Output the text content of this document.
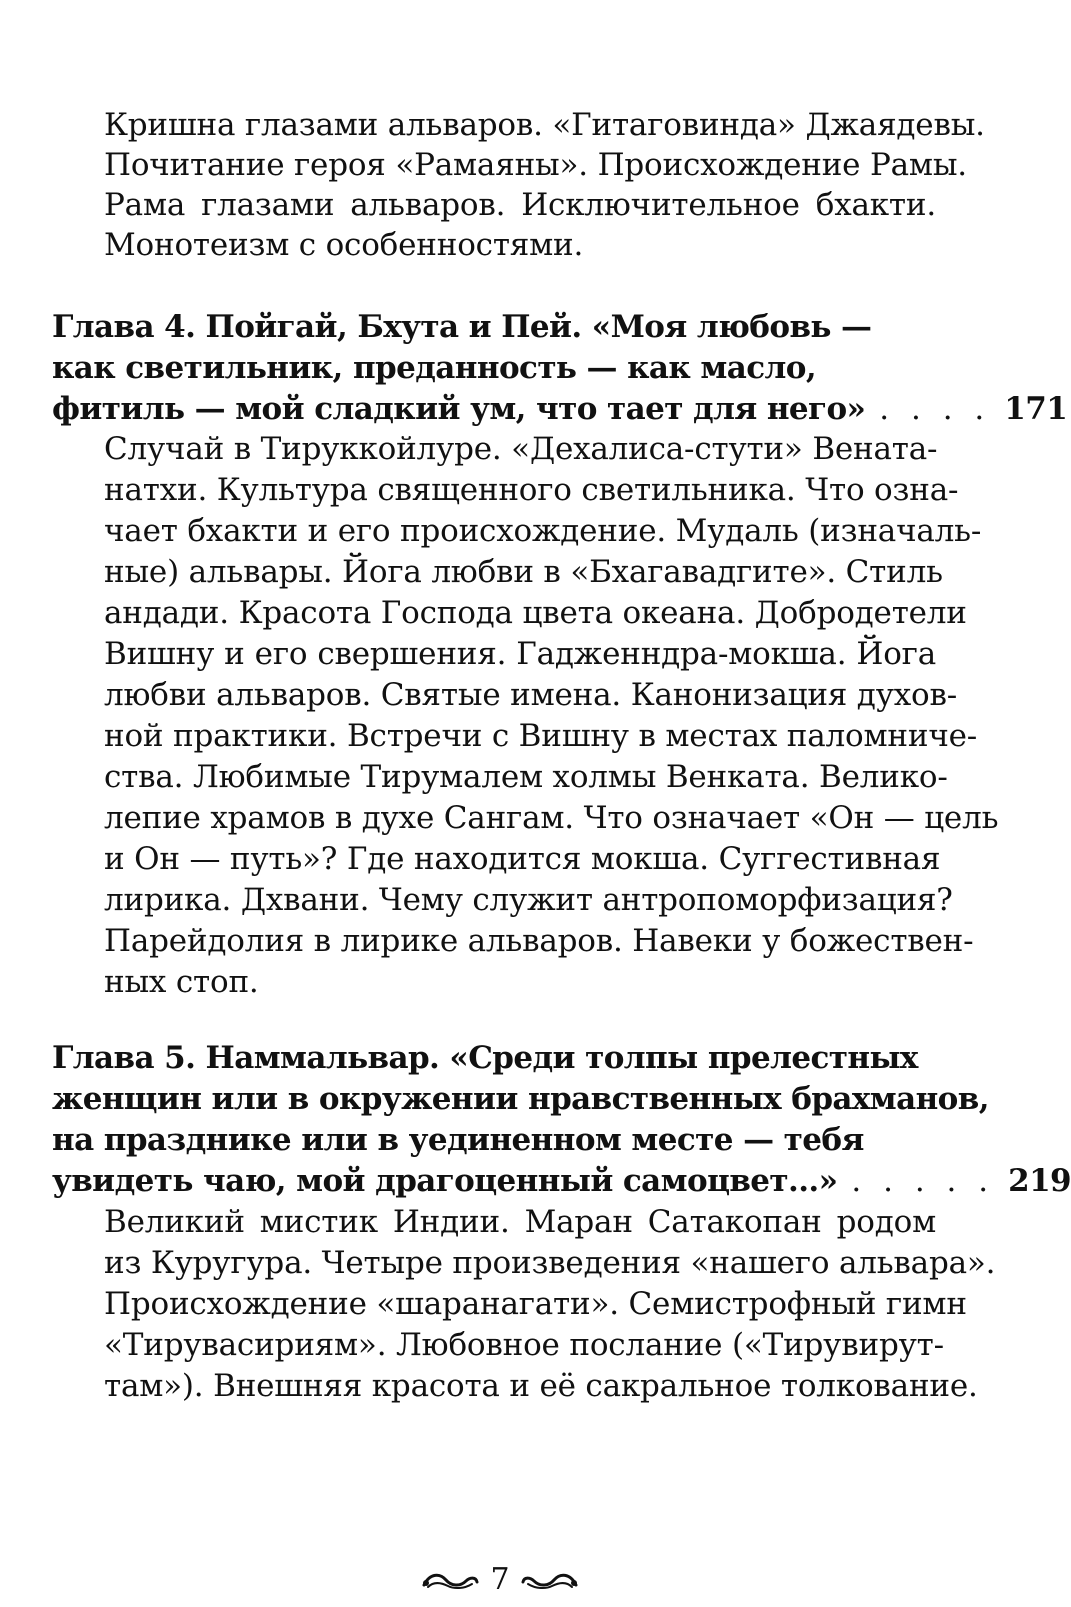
Кришна глазами альваров. «Гитаговинда» Джаядевы.
Почитание героя «Рамаяны». Происхождение Рамы.
Рама глазами альваров. Исключительное бхакти.
Монотеизм с особенностями.
Глава 4. Пойгай, Бхута и Пей. «Моя любовь —
как светильник, преданность — как масло,
фитиль — мой сладкий ум, что тает для него» . . . . 171
Случай в Тируккойлуре. «Дехалиса-стути» Вената-
натхи. Культура священного светильника. Что озна-
чает бхакти и его происхождение. Мудаль (изначаль-
ные) альвары. Йога любви в «Бхагавадгите». Стиль
андади. Красота Господа цвета океана. Добродетели
Вишну и его свершения. Гадженндра-мокша. Йога
любви альваров. Святые имена. Канонизация духов-
ной практики. Встречи с Вишну в местах паломниче-
ства. Любимые Тирумалем холмы Венката. Велико-
лепие храмов в духе Сангам. Что означает «Он — цель
и Он — путь»? Где находится мокша. Суггестивная
лирика. Дхвани. Чему служит антропоморфизация?
Парейдолия в лирике альваров. Навеки у божествен-
ных стоп.
Глава 5. Наммальвар. «Среди толпы прелестных
женщин или в окружении нравственных брахманов,
на празднике или в уединенном месте — тебя
увидеть чаю, мой драгоценный самоцвет...» . . . . . 219
Великий мистик Индии. Маран Сатакопан родом
из Куругура. Четыре произведения «нашего альвара».
Происхождение «шаранагати». Семистрофный гимн
«Тирувасириям». Любовное послание («Тирувирут-
там»). Внешняя красота и её сакральное толкование.
7
